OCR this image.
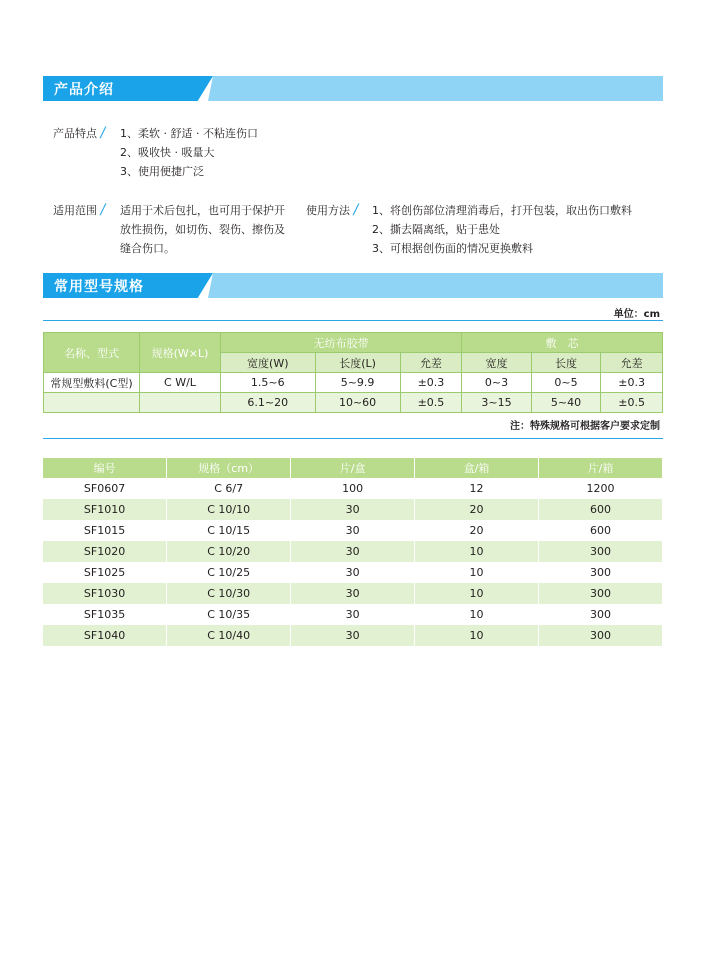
产品介绍
产品特点 / 1、柔软 · 舒适 · 不粘连伤口
2、吸收快 · 吸量大
3、使用便捷广泛
适用范围 / 适用于术后包扎，也可用于保护开
放性损伤，如切伤、裂伤、擦伤及
缝合伤口。
使用方法 / 1、将创伤部位清理消毒后，打开包装，取出伤口敷料
2、撕去隔离纸，贴于患处
3、可根据创伤面的情况更换敷料
常用型号规格
单位：cm
名称、型式	规格(W×L)	无纺布胶带			敷　芯		
		宽度(W)	长度(L)	允差	宽度	长度	允差
常规型敷料(C型)	C W/L	1.5~6	5~9.9	±0.3	0~3	0~5	±0.3
		6.1~20	10~60	±0.5	3~15	5~40	±0.5
注：特殊规格可根据客户要求定制
编号	规格（cm）	片/盒	盒/箱	片/箱
SF0607	C 6/7	100	12	1200
SF1010	C 10/10	30	20	600
SF1015	C 10/15	30	20	600
SF1020	C 10/20	30	10	300
SF1025	C 10/25	30	10	300
SF1030	C 10/30	30	10	300
SF1035	C 10/35	30	10	300
SF1040	C 10/40	30	10	300
